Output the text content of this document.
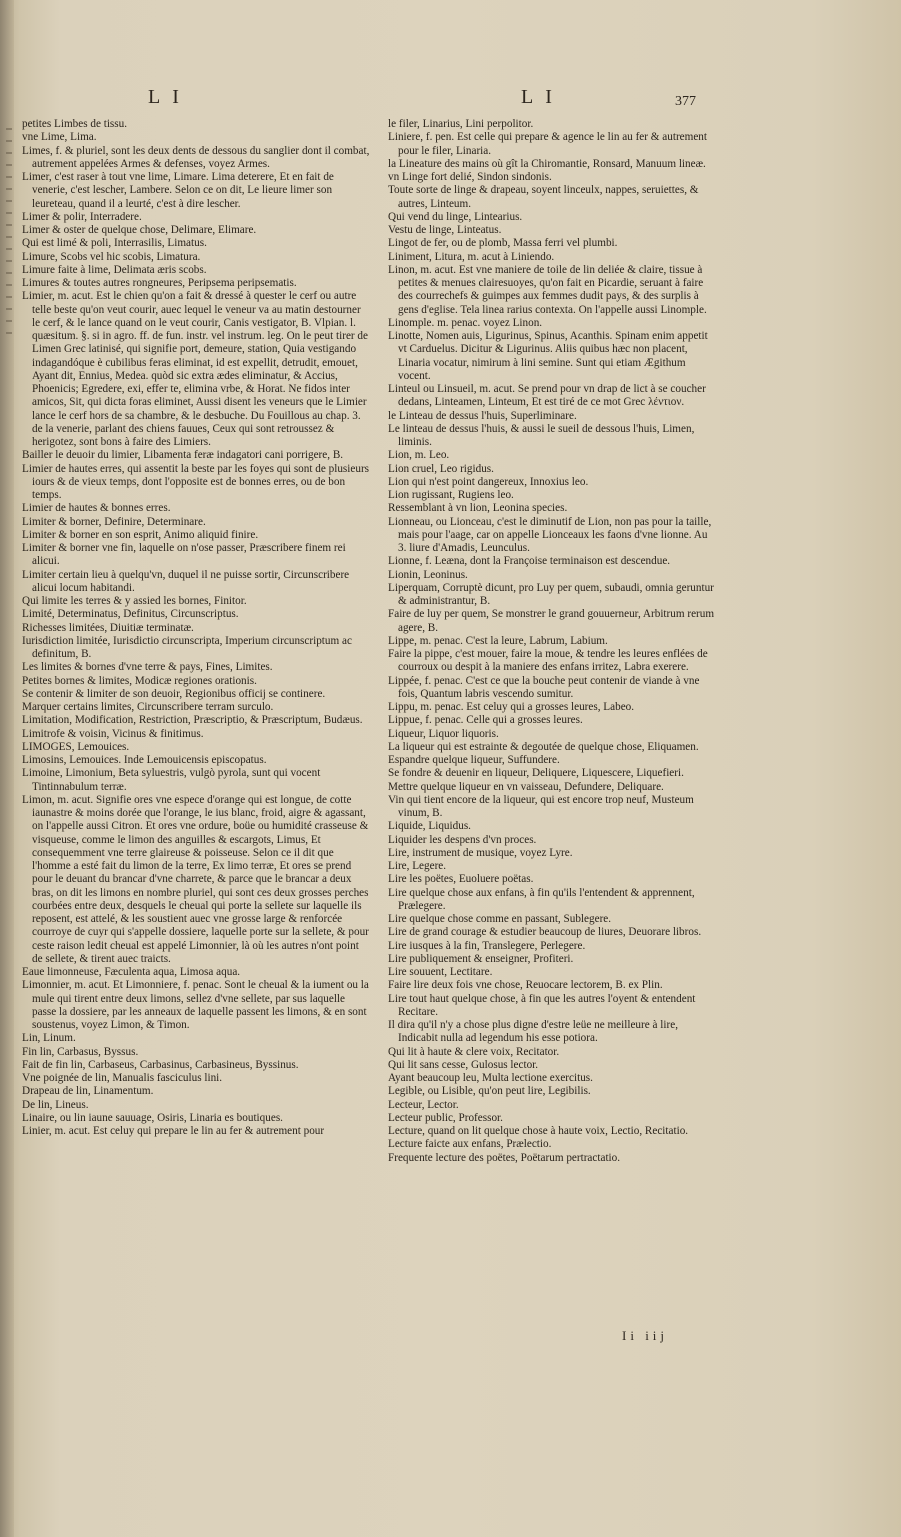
LI	LI	377

petites Limbes de tissu.

vne Lime, Lima.

Limes, f. & pluriel, sont les deux dents de dessous du sanglier dont il combat, autrement appelées Armes & defenses, voyez Armes.

Limer, c'est raser à tout vne lime, Limare. Lima deterere, Et en fait de venerie, c'est lescher, Lambere. Selon ce on dit, Le lieure limer son leureteau, quand il a leurté, c'est à dire lescher.

Limer & polir, Interradere.

Limer & oster de quelque chose, Delimare, Elimare.

Qui est limé & poli, Interrasilis, Limatus.

Limure, Scobs vel hic scobis, Limatura.

Limure faite à lime, Delimata æris scobs.

Limures & toutes autres rongneures, Peripsema peripsematis.

Limier, m. acut. Est le chien qu'on a fait & dressé à quester le cerf ou autre telle beste qu'on veut courir, auec lequel le veneur va au matin destourner le cerf, & le lance quand on le veut courir, Canis vestigator, B. Vlpian. l. quæsitum. §. si in agro. ff. de fun. instr. vel instrum. leg. On le peut tirer de Limen Grec latinisé, qui signifie port, demeure, station, Quia vestigando indagandóque è cubilibus feras eliminat, id est expellit, detrudit, emouet, Ayant dit, Ennius, Medea. quòd sic extra ædes eliminatur, & Accius, Phoenicis; Egredere, exi, effer te, elimina vrbe, & Horat. Ne fidos inter amicos, Sit, qui dicta foras eliminet, Aussi disent les veneurs que le Limier lance le cerf hors de sa chambre, & le desbuche. Du Fouillous au chap. 3. de la venerie, parlant des chiens fauues, Ceux qui sont retroussez & herigotez, sont bons à faire des Limiers.

Bailler le deuoir du limier, Libamenta feræ indagatori cani porrigere, B.

Limier de hautes erres, qui assentit la beste par les foyes qui sont de plusieurs iours & de vieux temps, dont l'opposite est de bonnes erres, ou de bon temps.

Limier de hautes & bonnes erres.

Limiter & borner, Definire, Determinare.

Limiter & borner en son esprit, Animo aliquid finire.

Limiter & borner vne fin, laquelle on n'ose passer, Præscribere finem rei alicui.

Limiter certain lieu à quelqu'vn, duquel il ne puisse sortir, Circunscribere alicui locum habitandi.

Qui limite les terres & y assied les bornes, Finitor.

Limité, Determinatus, Definitus, Circunscriptus.

Richesses limitées, Diuitiæ terminatæ.

Iurisdiction limitée, Iurisdictio circunscripta, Imperium circunscriptum ac definitum, B.

Les limites & bornes d'vne terre & pays, Fines, Limites.

Petites bornes & limites, Modicæ regiones orationis.

Se contenir & limiter de son deuoir, Regionibus officij se continere.

Marquer certains limites, Circunscribere terram surculo.

Limitation, Modification, Restriction, Præscriptio, & Præscriptum, Budæus.

Limitrofe & voisin, Vicinus & finitimus.

LIMOGES, Lemouices.

Limosins, Lemouices. Inde Lemouicensis episcopatus.

Limoine, Limonium, Beta syluestris, vulgò pyrola, sunt qui vocent Tintinnabulum terræ.

Limon, m. acut. Signifie ores vne espece d'orange qui est longue, de cotte iaunastre & moins dorée que l'orange, le ius blanc, froid, aigre & agassant, on l'appelle aussi Citron. Et ores vne ordure, boüe ou humidité crasseuse & visqueuse, comme le limon des anguilles & escargots, Limus, Et consequemment vne terre glaireuse & poisseuse. Selon ce il dit que l'homme a esté fait du limon de la terre, Ex limo terræ, Et ores se prend pour le deuant du brancar d'vne charrete, & parce que le brancar a deux bras, on dit les limons en nombre pluriel, qui sont ces deux grosses perches courbées entre deux, desquels le cheual qui porte la sellete sur laquelle ils reposent, est attelé, & les soustient auec vne grosse large & renforcée courroye de cuyr qui s'appelle dossiere, laquelle porte sur la sellete, & pour ceste raison ledit cheual est appelé Limonnier, là où les autres n'ont point de sellete, & tirent auec traicts.

Eaue limonneuse, Fæculenta aqua, Limosa aqua.

Limonnier, m. acut. Et Limonniere, f. penac. Sont le cheual & la iument ou la mule qui tirent entre deux limons, sellez d'vne sellete, par sus laquelle passe la dossiere, par les anneaux de laquelle passent les limons, & en sont soustenus, voyez Limon, & Timon.

Lin, Linum.

Fin lin, Carbasus, Byssus.

Fait de fin lin, Carbaseus, Carbasinus, Carbasineus, Byssinus.

Vne poignée de lin, Manualis fasciculus lini.

Drapeau de lin, Linamentum.

De lin, Lineus.

Linaire, ou lin iaune sauuage, Osiris, Linaria es boutiques.

Linier, m. acut. Est celuy qui prepare le lin au fer & autrement pour

le filer, Linarius, Lini perpolitor.

Liniere, f. pen. Est celle qui prepare & agence le lin au fer & autrement pour le filer, Linaria.

la Lineature des mains où gît la Chiromantie, Ronsard, Manuum lineæ.

vn Linge fort delié, Sindon sindonis.

Toute sorte de linge & drapeau, soyent linceulx, nappes, seruiettes, & autres, Linteum.

Qui vend du linge, Lintearius.

Vestu de linge, Linteatus.

Lingot de fer, ou de plomb, Massa ferri vel plumbi.

Liniment, Litura, m. acut à Liniendo.

Linon, m. acut. Est vne maniere de toile de lin deliée & claire, tissue à petites & menues clairesuoyes, qu'on fait en Picardie, seruant à faire des courrechefs & guimpes aux femmes dudit pays, & des surplis à gens d'eglise. Tela linea rarius contexta. On l'appelle aussi Linomple.

Linomple. m. penac. voyez Linon.

Linotte, Nomen auis, Ligurinus, Spinus, Acanthis. Spinam enim appetit vt Carduelus. Dicitur & Ligurinus. Aliis quibus hæc non placent, Linaria vocatur, nimirum à lini semine. Sunt qui etiam Ægithum vocent.

Linteul ou Linsueil, m. acut. Se prend pour vn drap de lict à se coucher dedans, Linteamen, Linteum, Et est tiré de ce mot Grec λέντιον.

le Linteau de dessus l'huis, Superliminare.

Le linteau de dessus l'huis, & aussi le sueil de dessous l'huis, Limen, liminis.

Lion, m. Leo.

Lion cruel, Leo rigidus.

Lion qui n'est point dangereux, Innoxius leo.

Lion rugissant, Rugiens leo.

Ressemblant à vn lion, Leonina species.

Lionneau, ou Lionceau, c'est le diminutif de Lion, non pas pour la taille, mais pour l'aage, car on appelle Lionceaux les faons d'vne lionne. Au 3. liure d'Amadis, Leunculus.

Lionne, f. Leæna, dont la Françoise terminaison est descendue.

Lionin, Leoninus.

Liperquam, Corruptè dicunt, pro Luy per quem, subaudi, omnia geruntur & administrantur, B.

Faire de luy per quem, Se monstrer le grand gouuerneur, Arbitrum rerum agere, B.

Lippe, m. penac. C'est la leure, Labrum, Labium.

Faire la pippe, c'est mouer, faire la moue, & tendre les leures enflées de courroux ou despit à la maniere des enfans irritez, Labra exerere.

Lippée, f. penac. C'est ce que la bouche peut contenir de viande à vne fois, Quantum labris vescendo sumitur.

Lippu, m. penac. Est celuy qui a grosses leures, Labeo.

Lippue, f. penac. Celle qui a grosses leures.

Liqueur, Liquor liquoris.

La liqueur qui est estrainte & degoutée de quelque chose, Eliquamen.

Espandre quelque liqueur, Suffundere.

Se fondre & deuenir en liqueur, Deliquere, Liquescere, Liquefieri.

Mettre quelque liqueur en vn vaisseau, Defundere, Deliquare.

Vin qui tient encore de la liqueur, qui est encore trop neuf, Musteum vinum, B.

Liquide, Liquidus.

Liquider les despens d'vn proces.

Lire, instrument de musique, voyez Lyre.

Lire, Legere.

Lire les poëtes, Euoluere poëtas.

Lire quelque chose aux enfans, à fin qu'ils l'entendent & apprennent, Prælegere.

Lire quelque chose comme en passant, Sublegere.

Lire de grand courage & estudier beaucoup de liures, Deuorare libros.

Lire iusques à la fin, Translegere, Perlegere.

Lire publiquement & enseigner, Profiteri.

Lire souuent, Lectitare.

Faire lire deux fois vne chose, Reuocare lectorem, B. ex Plin.

Lire tout haut quelque chose, à fin que les autres l'oyent & entendent Recitare.

Il dira qu'il n'y a chose plus digne d'estre leüe ne meilleure à lire, Indicabit nulla ad legendum his esse potiora.

Qui lit à haute & clere voix, Recitator.

Qui lit sans cesse, Gulosus lector.

Ayant beaucoup leu, Multa lectione exercitus.

Legible, ou Lisible, qu'on peut lire, Legibilis.

Lecteur, Lector.

Lecteur public, Professor.

Lecture, quand on lit quelque chose à haute voix, Lectio, Recitatio.

Lecture faicte aux enfans, Prælectio.

Frequente lecture des poëtes, Poëtarum pertractatio.

Ii iij
